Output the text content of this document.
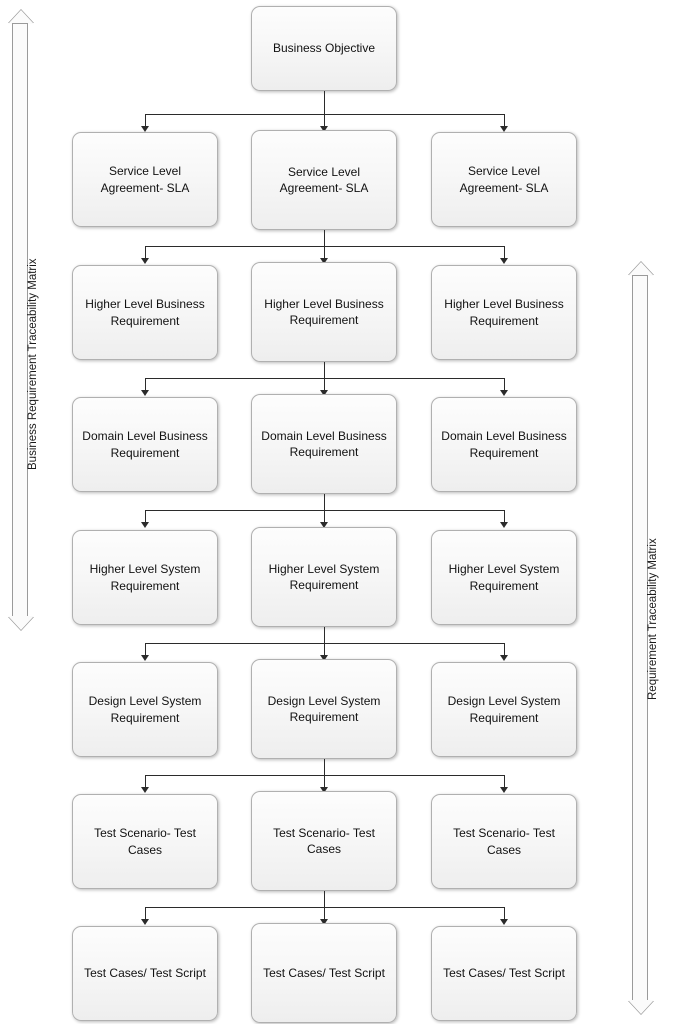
Business Requirement Traceability Matrix
Requirement Traceability Matrix
Business Objective
Service Level Agreement- SLA
Service Level Agreement- SLA
Service Level Agreement- SLA
Higher Level Business Requirement
Higher Level Business Requirement
Higher Level Business Requirement
Domain Level Business Requirement
Domain Level Business Requirement
Domain Level Business Requirement
Higher Level System Requirement
Higher Level System Requirement
Higher Level System Requirement
Design Level System Requirement
Design Level System Requirement
Design Level System Requirement
Test Scenario- Test Cases
Test Scenario- Test Cases
Test Scenario- Test Cases
Test Cases/ Test Script	Test Cases/ Test Script	Test Cases/ Test Script
